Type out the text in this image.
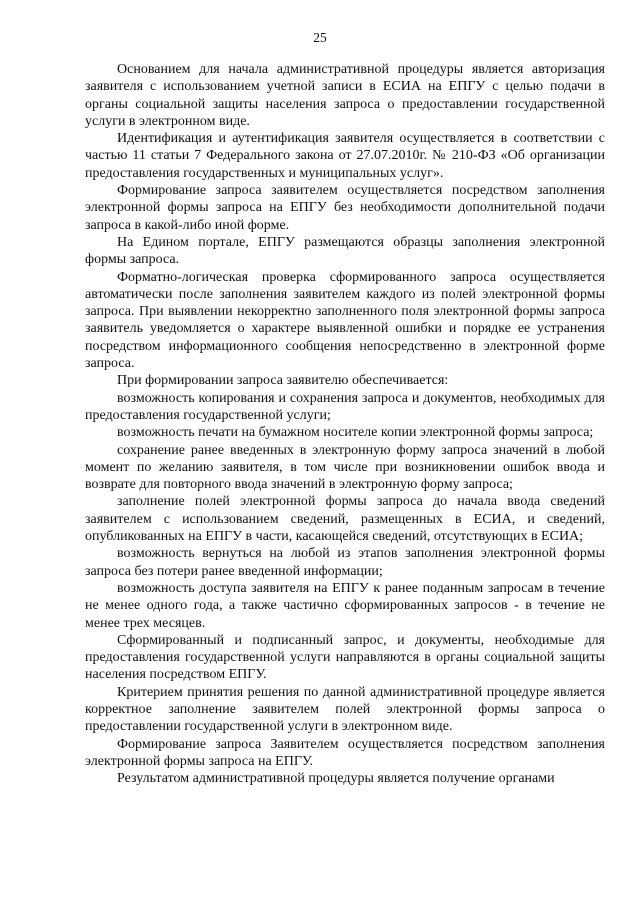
25

Основанием для начала административной процедуры является авторизация заявителя с использованием учетной записи в ЕСИА на ЕПГУ с целью подачи в органы социальной защиты населения запроса о предоставлении государственной услуги в электронном виде.

Идентификация и аутентификация заявителя осуществляется в соответствии с частью 11 статьи 7 Федерального закона от 27.07.2010г. № 210-ФЗ «Об организации предоставления государственных и муниципальных услуг».

Формирование запроса заявителем осуществляется посредством заполнения электронной формы запроса на ЕПГУ без необходимости дополнительной подачи запроса в какой-либо иной форме.

На Едином портале, ЕПГУ размещаются образцы заполнения электронной формы запроса.

Форматно-логическая проверка сформированного запроса осуществляется автоматически после заполнения заявителем каждого из полей электронной формы запроса. При выявлении некорректно заполненного поля электронной формы запроса заявитель уведомляется о характере выявленной ошибки и порядке ее устранения посредством информационного сообщения непосредственно в электронной форме запроса.

При формировании запроса заявителю обеспечивается:

возможность копирования и сохранения запроса и документов, необходимых для предоставления государственной услуги;

возможность печати на бумажном носителе копии электронной формы запроса;

сохранение ранее введенных в электронную форму запроса значений в любой момент по желанию заявителя, в том числе при возникновении ошибок ввода и возврате для повторного ввода значений в электронную форму запроса;

заполнение полей электронной формы запроса до начала ввода сведений заявителем с использованием сведений, размещенных в ЕСИА, и сведений, опубликованных на ЕПГУ в части, касающейся сведений, отсутствующих в ЕСИА;

возможность вернуться на любой из этапов заполнения электронной формы запроса без потери ранее введенной информации;

возможность доступа заявителя на ЕПГУ к ранее поданным запросам в течение не менее одного года, а также частично сформированных запросов - в течение не менее трех месяцев.

Сформированный и подписанный запрос, и документы, необходимые для предоставления государственной услуги направляются в органы социальной защиты населения посредством ЕПГУ.

Критерием принятия решения по данной административной процедуре является корректное заполнение заявителем полей электронной формы запроса о предоставлении государственной услуги в электронном виде.

Формирование запроса Заявителем осуществляется посредством заполнения электронной формы запроса на ЕПГУ.

Результатом административной процедуры является получение органами
